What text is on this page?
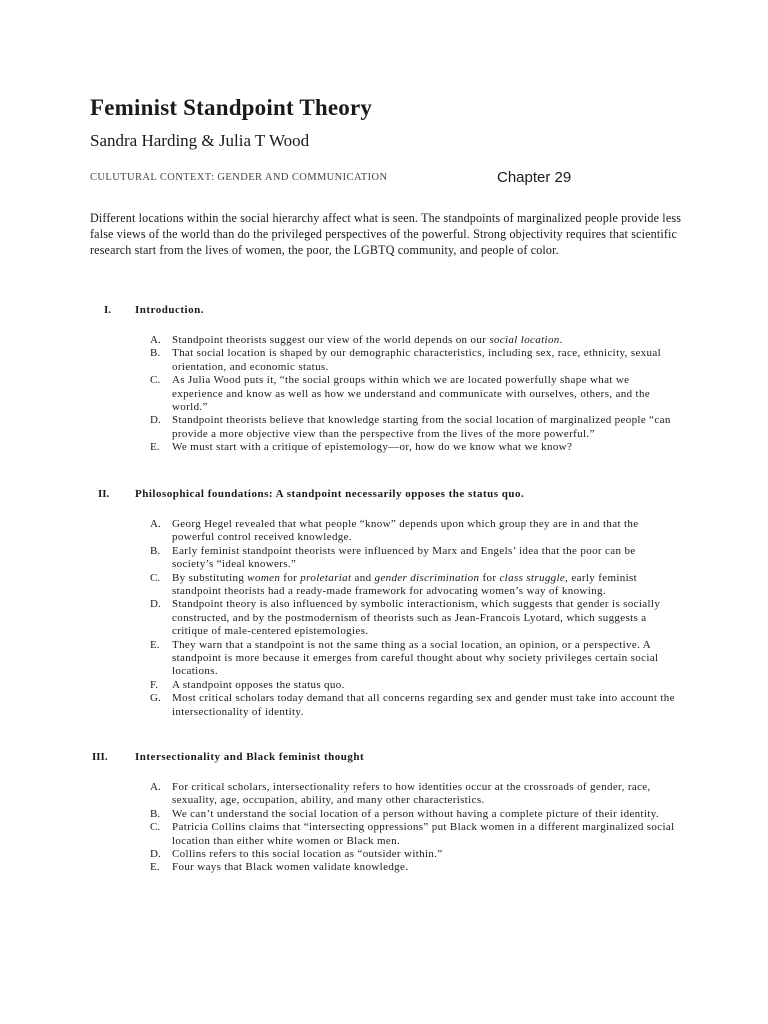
Feminist Standpoint Theory
Sandra Harding & Julia T Wood
CULUTURAL CONTEXT: GENDER AND COMMUNICATION	Chapter 29

Different locations within the social hierarchy affect what is seen. The standpoints of marginalized people provide less false views of the world than do the privileged perspectives of the powerful. Strong objectivity requires that scientific research start from the lives of women, the poor, the LGBTQ community, and people of color.

I. Introduction.
A. Standpoint theorists suggest our view of the world depends on our social location.
B. That social location is shaped by our demographic characteristics, including sex, race, ethnicity, sexual orientation, and economic status.
C. As Julia Wood puts it, “the social groups within which we are located powerfully shape what we experience and know as well as how we understand and communicate with ourselves, others, and the world.”
D. Standpoint theorists believe that knowledge starting from the social location of marginalized people “can provide a more objective view than the perspective from the lives of the more powerful.”
E. We must start with a critique of epistemology—or, how do we know what we know?
II. Philosophical foundations: A standpoint necessarily opposes the status quo.
A. Georg Hegel revealed that what people “know” depends upon which group they are in and that the powerful control received knowledge.
B. Early feminist standpoint theorists were influenced by Marx and Engels’ idea that the poor can be society’s “ideal knowers.”
C. By substituting women for proletariat and gender discrimination for class struggle, early feminist standpoint theorists had a ready-made framework for advocating women’s way of knowing.
D. Standpoint theory is also influenced by symbolic interactionism, which suggests that gender is socially constructed, and by the postmodernism of theorists such as Jean-Francois Lyotard, which suggests a critique of male-centered epistemologies.
E. They warn that a standpoint is not the same thing as a social location, an opinion, or a perspective. A standpoint is more because it emerges from careful thought about why society privileges certain social locations.
F. A standpoint opposes the status quo.
G. Most critical scholars today demand that all concerns regarding sex and gender must take into account the intersectionality of identity.
III. Intersectionality and Black feminist thought
A. For critical scholars, intersectionality refers to how identities occur at the crossroads of gender, race, sexuality, age, occupation, ability, and many other characteristics.
B. We can’t understand the social location of a person without having a complete picture of their identity.
C. Patricia Collins claims that “intersecting oppressions” put Black women in a different marginalized social location than either white women or Black men.
D. Collins refers to this social location as “outsider within.”
E. Four ways that Black women validate knowledge.
